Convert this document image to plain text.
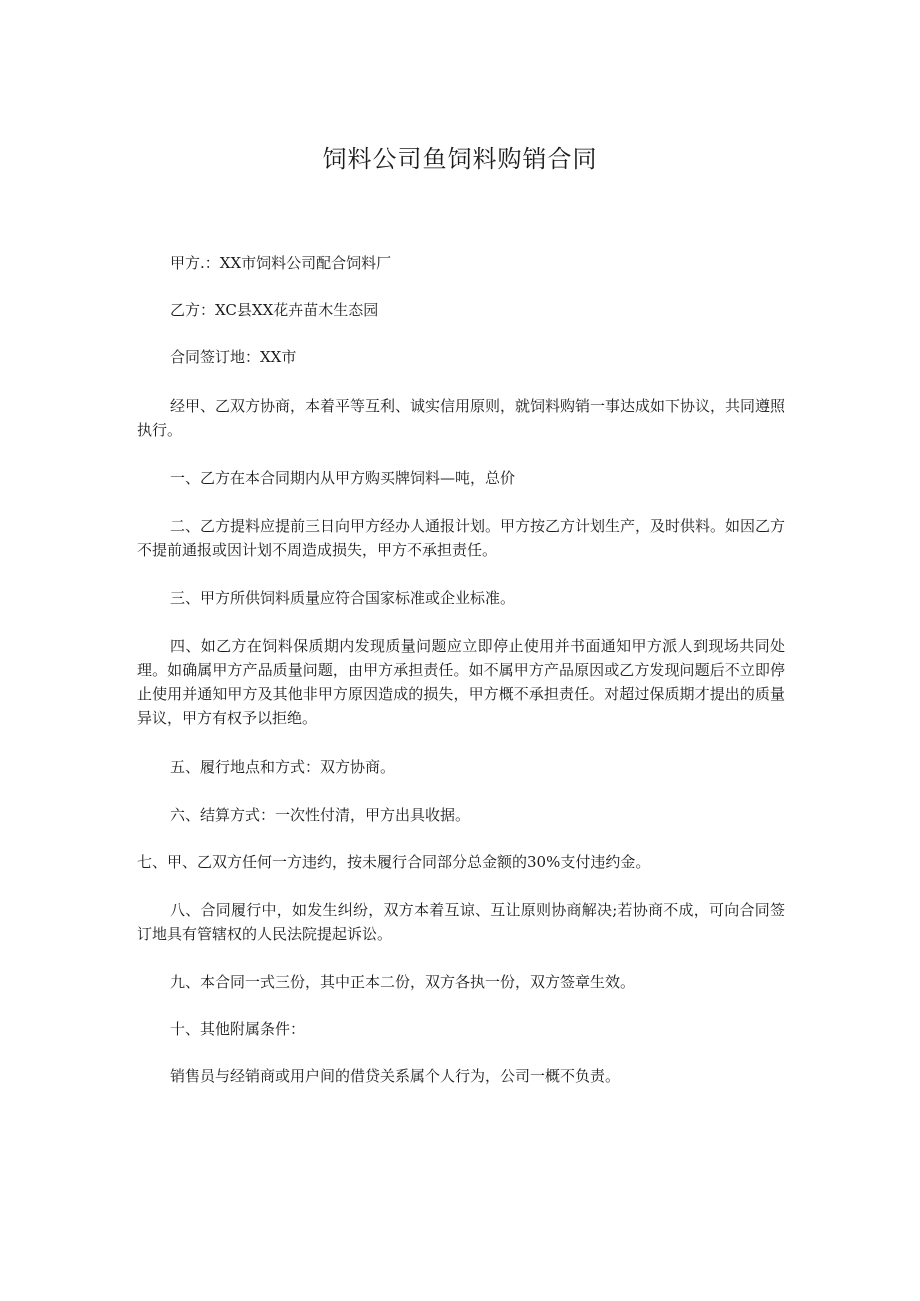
饲料公司鱼饲料购销合同
甲方.：XX市饲料公司配合饲料厂
乙方：XC县XX花卉苗木生态园
合同签订地：XX市
经甲、乙双方协商，本着平等互利、诚实信用原则，就饲料购销一事达成如下协议，共同遵照执行。
一、乙方在本合同期内从甲方购买牌饲料—吨，总价
二、乙方提料应提前三日向甲方经办人通报计划。甲方按乙方计划生产，及时供料。如因乙方不提前通报或因计划不周造成损失，甲方不承担责任。
三、甲方所供饲料质量应符合国家标准或企业标准。
四、如乙方在饲料保质期内发现质量问题应立即停止使用并书面通知甲方派人到现场共同处理。如确属甲方产品质量问题，由甲方承担责任。如不属甲方产品原因或乙方发现问题后不立即停止使用并通知甲方及其他非甲方原因造成的损失，甲方概不承担责任。对超过保质期才提出的质量异议，甲方有权予以拒绝。
五、履行地点和方式：双方协商。
六、结算方式：一次性付清，甲方出具收据。
七、甲、乙双方任何一方违约，按未履行合同部分总金额的30%支付违约金。
八、合同履行中，如发生纠纷，双方本着互谅、互让原则协商解决;若协商不成，可向合同签订地具有管辖权的人民法院提起诉讼。
九、本合同一式三份，其中正本二份，双方各执一份，双方签章生效。
十、其他附属条件：
销售员与经销商或用户间的借贷关系属个人行为，公司一概不负责。
